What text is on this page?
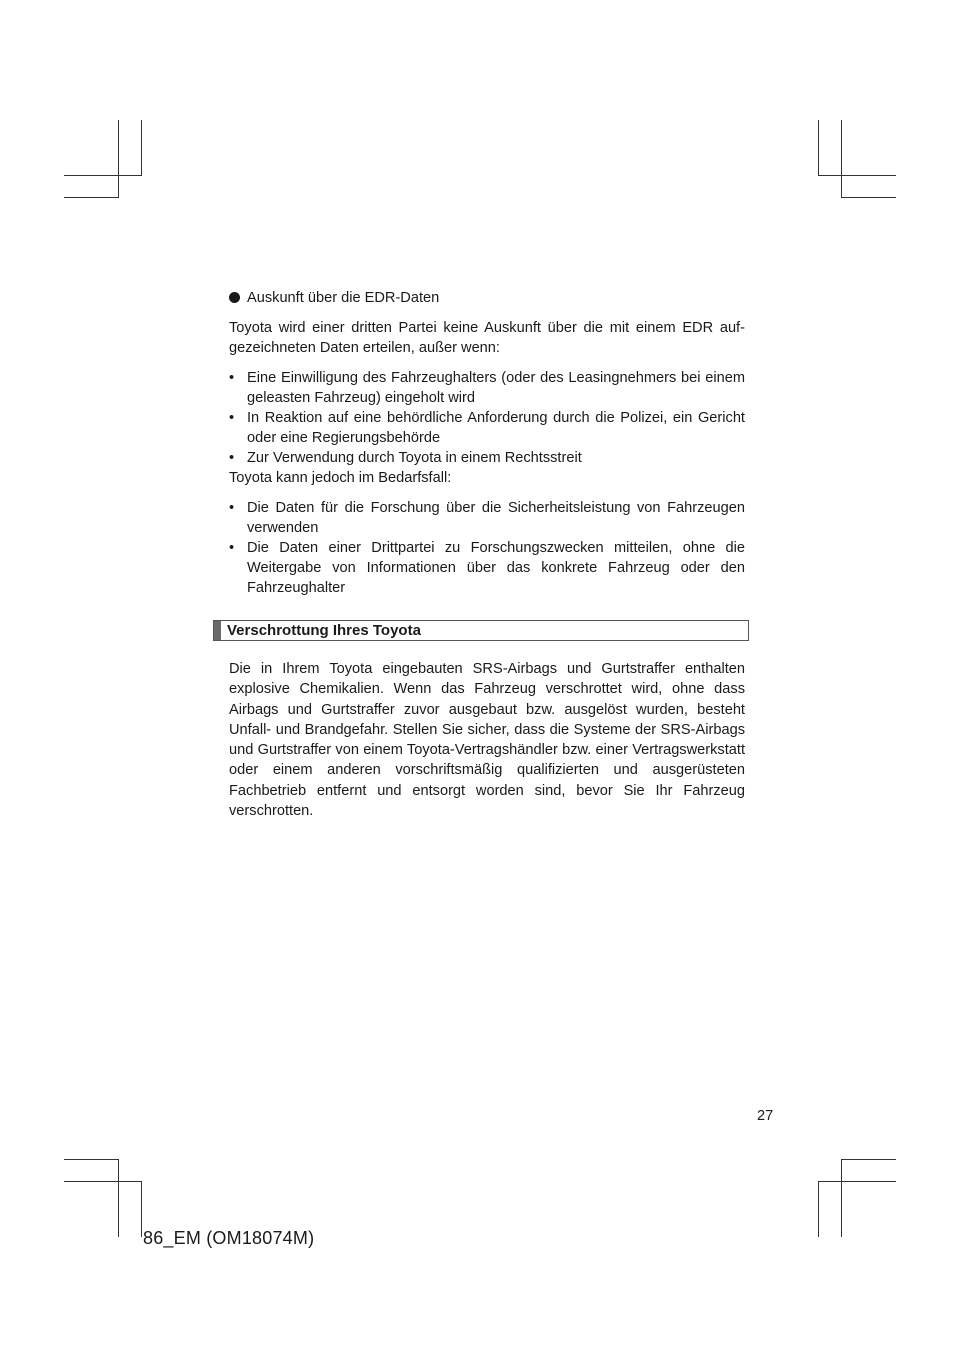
Auskunft über die EDR-Daten

Toyota wird einer dritten Partei keine Auskunft über die mit einem EDR aufgezeichneten Daten erteilen, außer wenn:

• Eine Einwilligung des Fahrzeughalters (oder des Leasingnehmers bei einem geleasten Fahrzeug) eingeholt wird
• In Reaktion auf eine behördliche Anforderung durch die Polizei, ein Gericht oder eine Regierungsbehörde
• Zur Verwendung durch Toyota in einem Rechtsstreit

Toyota kann jedoch im Bedarfsfall:

• Die Daten für die Forschung über die Sicherheitsleistung von Fahrzeugen verwenden
• Die Daten einer Drittpartei zu Forschungszwecken mitteilen, ohne die Weitergabe von Informationen über das konkrete Fahrzeug oder den Fahrzeughalter
Verschrottung Ihres Toyota

Die in Ihrem Toyota eingebauten SRS-Airbags und Gurtstraffer enthalten explosive Chemikalien. Wenn das Fahrzeug verschrottet wird, ohne dass Airbags und Gurtstraffer zuvor ausgebaut bzw. ausgelöst wurden, besteht Unfall- und Brandgefahr. Stellen Sie sicher, dass die Systeme der SRS-Airbags und Gurtstraffer von einem Toyota-Vertragshändler bzw. einer Vertragswerkstatt oder einem anderen vorschriftsmäßig qualifizierten und ausgerüsteten Fachbetrieb entfernt und entsorgt worden sind, bevor Sie Ihr Fahrzeug verschrotten.

27
86_EM (OM18074M)
